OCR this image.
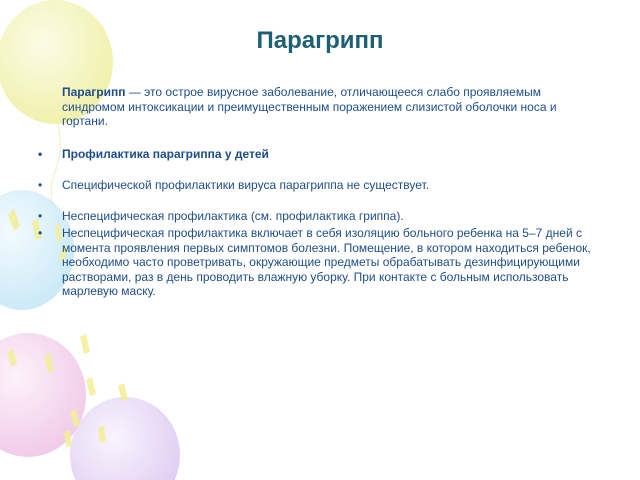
Парагрипп

Парагрипп — это острое вирусное заболевание, отличающееся слабо проявляемым синдромом интоксикации и преимущественным поражением слизистой оболочки носа и гортани.

• Профилактика парагриппа у детей

• Специфической профилактики вируса парагриппа не существует.

• Неспецифическая профилактика (см. профилактика гриппа).

• Неспецифическая профилактика включает в себя изоляцию больного ребенка на 5–7 дней с момента проявления первых симптомов болезни. Помещение, в котором находиться ребенок, необходимо часто проветривать, окружающие предметы обрабатывать дезинфицирующими растворами, раз в день проводить влажную уборку. При контакте с больным использовать марлевую маску.
